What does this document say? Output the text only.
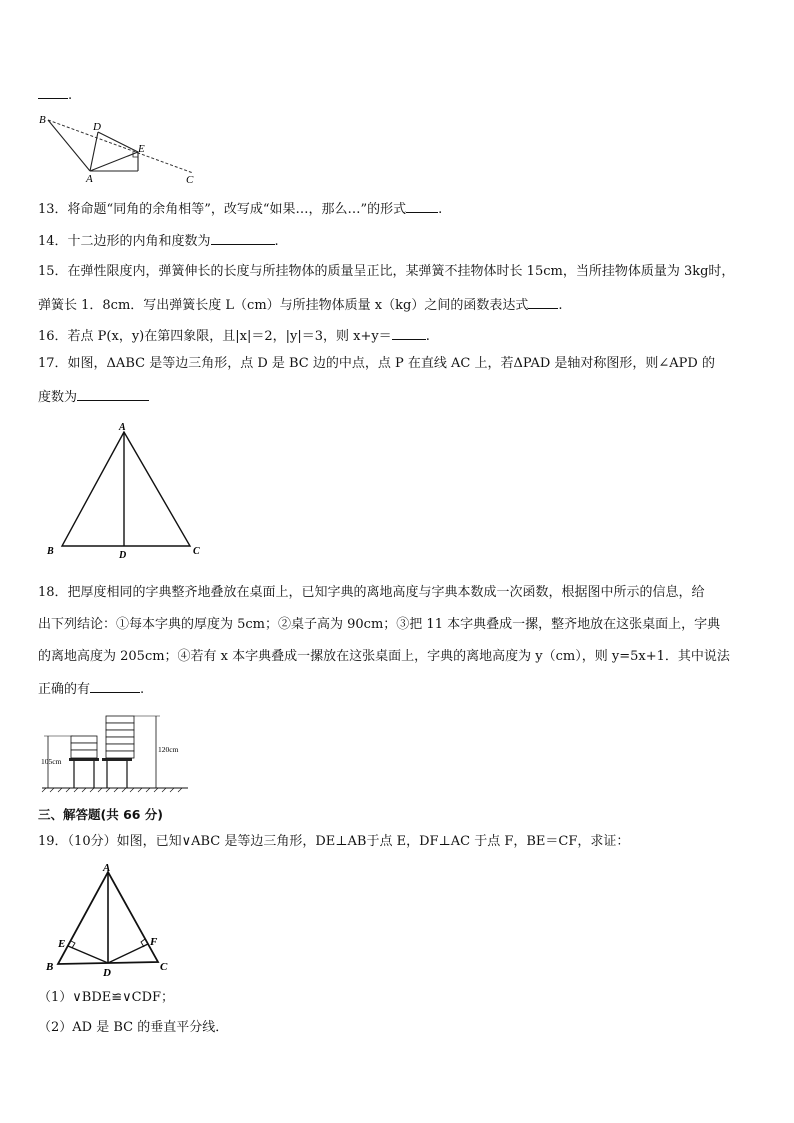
.
B
D
E
A	C
13．将命题“同角的余角相等”，改写成“如果…，那么…”的形式 .
14．十二边形的内角和度数为	.
15．在弹性限度内，弹簧伸长的长度与所挂物体的质量呈正比，某弹簧不挂物体时长 15cm，当所挂物体质量为 3kg时，
弹簧长 1．8cm．写出弹簧长度 L（cm）与所挂物体质量 x（kg）之间的函数表达式 .
16．若点 P(x，y)在第四象限，且|x|＝2，|y|＝3，则 x+y＝	.
17．如图，ΔABC 是等边三角形，点 D 是 BC 边的中点，点 P 在直线 AC 上，若ΔPAD 是轴对称图形，则∠APD 的
度数为
A
B	D	C
18．把厚度相同的字典整齐地叠放在桌面上，已知字典的离地高度与字典本数成一次函数，根据图中所示的信息，给
出下列结论：①每本字典的厚度为 5cm；②桌子高为 90cm；③把 11 本字典叠成一摞，整齐地放在这张桌面上，字典
的离地高度为 205cm；④若有 x 本字典叠成一摞放在这张桌面上，字典的离地高度为 y（cm），则 y=5x+1．其中说法
正确的有	.
105cm
120cm
三、解答题(共 66 分)
19．（10分）如图，已知∨ABC 是等边三角形，DE⊥AB于点 E，DF⊥AC 于点 F，BE＝CF，求证：
A
E	F
B	D	C
（1）∨BDE≌∨CDF；
（2）AD 是 BC 的垂直平分线．
